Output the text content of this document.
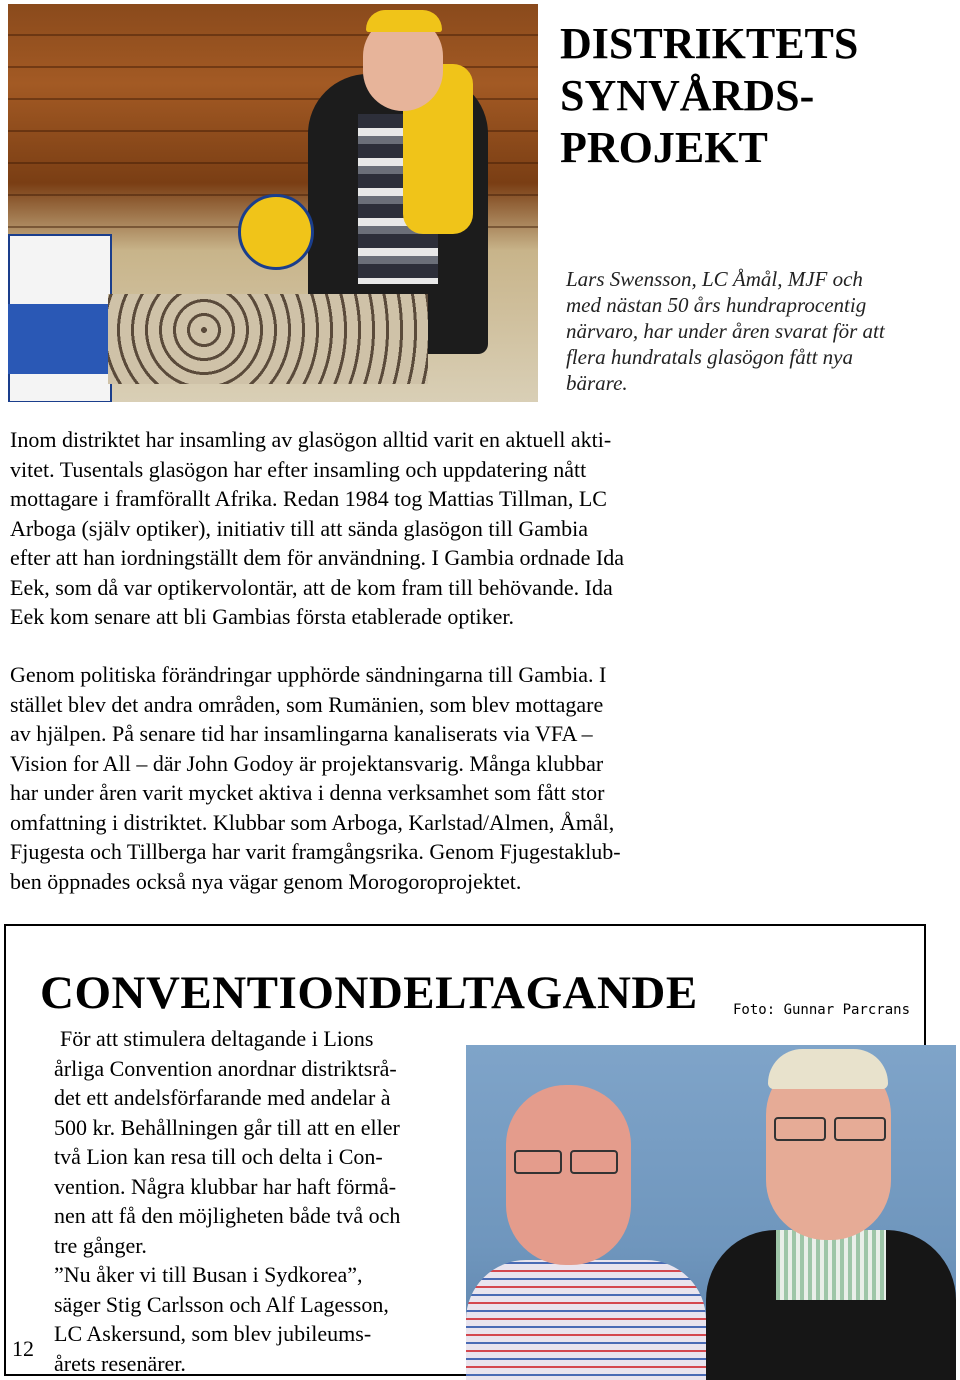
DISTRIKTETS
SYNVÅRDS-
PROJEKT
Lars Swensson, LC Åmål, MJF och
med nästan 50 års hundraprocentig
närvaro, har under åren svarat för att
flera hundratals glasögon fått nya
bärare.
Inom distriktet har insamling av glasögon alltid varit en aktuell akti-
vitet. Tusentals glasögon har efter insamling och uppdatering nått
mottagare i framförallt Afrika. Redan 1984 tog Mattias Tillman, LC
Arboga (själv optiker), initiativ till att sända glasögon till Gambia
efter att han iordningställt dem för användning. I Gambia ordnade Ida
Eek, som då var optikervolontär, att de kom fram till behövande. Ida
Eek kom senare att bli Gambias första etablerade optiker.
Genom politiska förändringar upphörde sändningarna till Gambia. I
stället blev det andra områden, som Rumänien, som blev mottagare
av hjälpen. På senare tid har insamlingarna kanaliserats via VFA –
Vision for All – där John Godoy är projektansvarig. Många klubbar
har under åren varit mycket aktiva i denna verksamhet som fått stor
omfattning i distriktet. Klubbar som Arboga, Karlstad/Almen, Åmål,
Fjugesta och Tillberga har varit framgångsrika. Genom Fjugestaklub-
ben öppnades också nya vägar genom Morogoroprojektet.
CONVENTIONDELTAGANDE	Foto: Gunnar Parcrans
För att stimulera deltagande i Lions
årliga Convention anordnar distriktsrå-
det ett andelsförfarande med andelar à
500 kr. Behållningen går till att en eller
två Lion kan resa till och delta i Con-
vention. Några klubbar har haft förmå-
nen att få den möjligheten både två och
tre gånger.
”Nu åker vi till Busan i Sydkorea”,
säger Stig Carlsson och Alf Lagesson,
LC Askersund, som blev jubileums-
årets resenärer.
12
